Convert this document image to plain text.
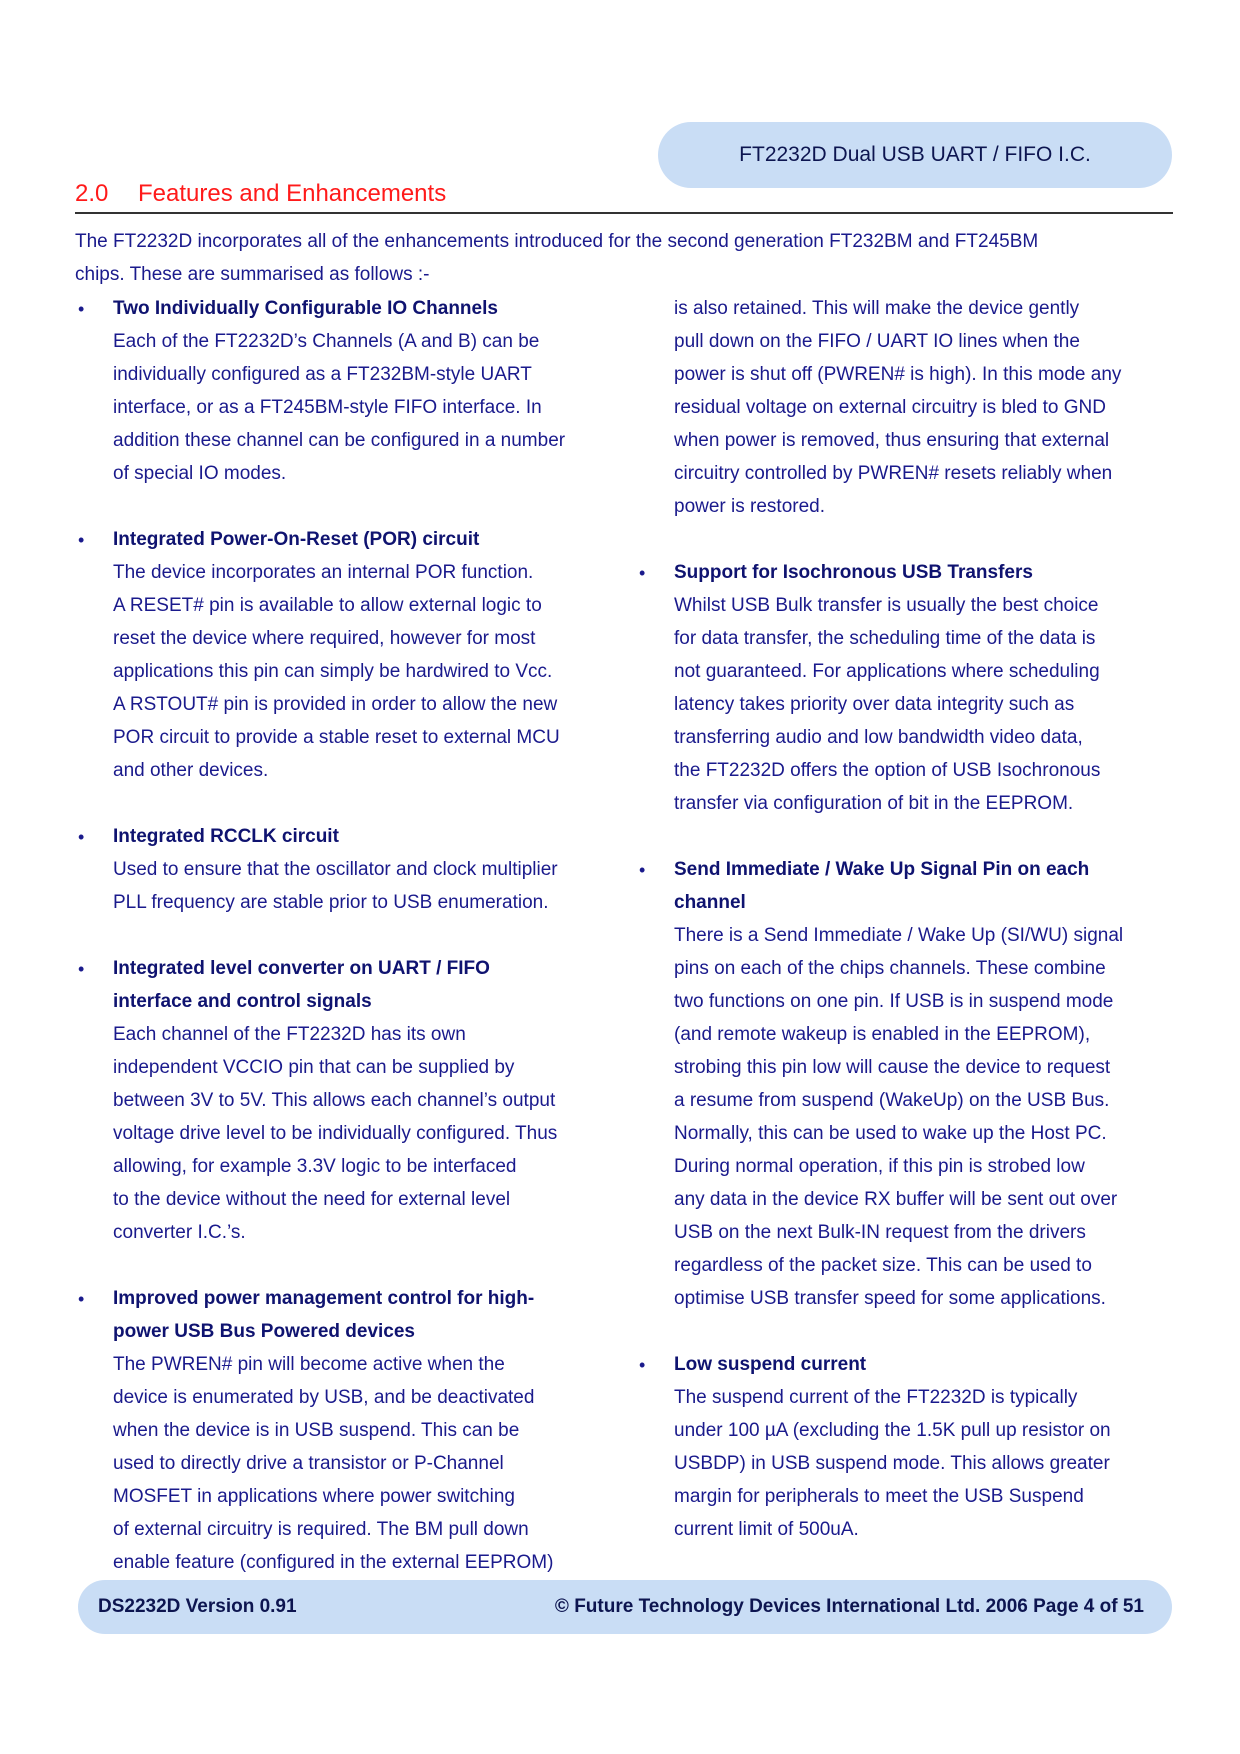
FT2232D Dual USB UART / FIFO I.C.
2.0 Features and Enhancements
The FT2232D incorporates all of the enhancements introduced for the second generation FT232BM and FT245BM
chips. These are summarised as follows :-
• Two Individually Configurable IO Channels
Each of the FT2232D’s Channels (A and B) can be
individually configured as a FT232BM-style UART
interface, or as a FT245BM-style FIFO interface. In
addition these channel can be configured in a number
of special IO modes.
• Integrated Power-On-Reset (POR) circuit
The device incorporates an internal POR function.
A RESET# pin is available to allow external logic to
reset the device where required, however for most
applications this pin can simply be hardwired to Vcc.
A RSTOUT# pin is provided in order to allow the new
POR circuit to provide a stable reset to external MCU
and other devices.
• Integrated RCCLK circuit
Used to ensure that the oscillator and clock multiplier
PLL frequency are stable prior to USB enumeration.
• Integrated level converter on UART / FIFO
interface and control signals
Each channel of the FT2232D has its own
independent VCCIO pin that can be supplied by
between 3V to 5V. This allows each channel’s output
voltage drive level to be individually configured. Thus
allowing, for example 3.3V logic to be interfaced
to the device without the need for external level
converter I.C.’s.
• Improved power management control for high-
power USB Bus Powered devices
The PWREN# pin will become active when the
device is enumerated by USB, and be deactivated
when the device is in USB suspend. This can be
used to directly drive a transistor or P-Channel
MOSFET in applications where power switching
of external circuitry is required. The BM pull down
enable feature (configured in the external EEPROM)
is also retained. This will make the device gently
pull down on the FIFO / UART IO lines when the
power is shut off (PWREN# is high). In this mode any
residual voltage on external circuitry is bled to GND
when power is removed, thus ensuring that external
circuitry controlled by PWREN# resets reliably when
power is restored.
• Support for Isochronous USB Transfers
Whilst USB Bulk transfer is usually the best choice
for data transfer, the scheduling time of the data is
not guaranteed. For applications where scheduling
latency takes priority over data integrity such as
transferring audio and low bandwidth video data,
the FT2232D offers the option of USB Isochronous
transfer via configuration of bit in the EEPROM.
• Send Immediate / Wake Up Signal Pin on each
channel
There is a Send Immediate / Wake Up (SI/WU) signal
pins on each of the chips channels. These combine
two functions on one pin. If USB is in suspend mode
(and remote wakeup is enabled in the EEPROM),
strobing this pin low will cause the device to request
a resume from suspend (WakeUp) on the USB Bus.
Normally, this can be used to wake up the Host PC.
During normal operation, if this pin is strobed low
any data in the device RX buffer will be sent out over
USB on the next Bulk-IN request from the drivers
regardless of the packet size. This can be used to
optimise USB transfer speed for some applications.
• Low suspend current
The suspend current of the FT2232D is typically
under 100 µA (excluding the 1.5K pull up resistor on
USBDP) in USB suspend mode. This allows greater
margin for peripherals to meet the USB Suspend
current limit of 500uA.
DS2232D Version 0.91	© Future Technology Devices International Ltd. 2006 Page 4 of 51
